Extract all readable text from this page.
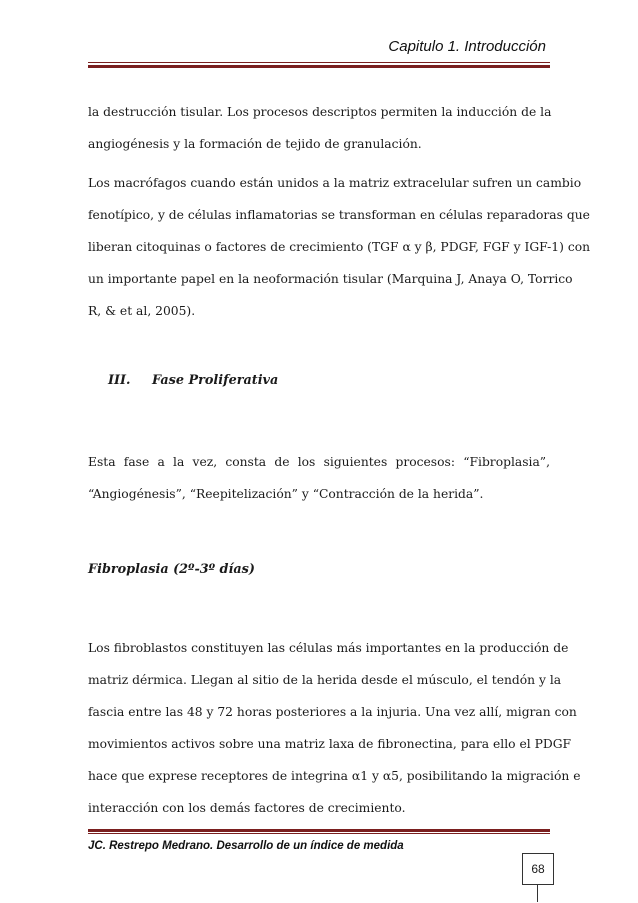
Capitulo 1. Introducción
la destrucción tisular. Los procesos descriptos permiten la inducción de la
angiogénesis y la formación de tejido de granulación.
Los macrófagos cuando están unidos a la matriz extracelular sufren un cambio
fenotípico, y de células inflamatorias se transforman en células reparadoras que
liberan citoquinas o factores de crecimiento (TGF α y β, PDGF, FGF y IGF-1) con
un importante papel en la neoformación tisular (Marquina J, Anaya O, Torrico
R, & et al, 2005).
III. Fase Proliferativa
Esta fase a la vez, consta de los siguientes procesos: “Fibroplasia”,
“Angiogénesis”, “Reepitelización” y “Contracción de la herida”.
Fibroplasia (2º-3º días)
Los fibroblastos constituyen las células más importantes en la producción de
matriz dérmica. Llegan al sitio de la herida desde el músculo, el tendón y la
fascia entre las 48 y 72 horas posteriores a la injuria. Una vez allí, migran con
movimientos activos sobre una matriz laxa de fibronectina, para ello el PDGF
hace que exprese receptores de integrina α1 y α5, posibilitando la migración e
interacción con los demás factores de crecimiento.
JC. Restrepo Medrano. Desarrollo de un índice de medida
68
